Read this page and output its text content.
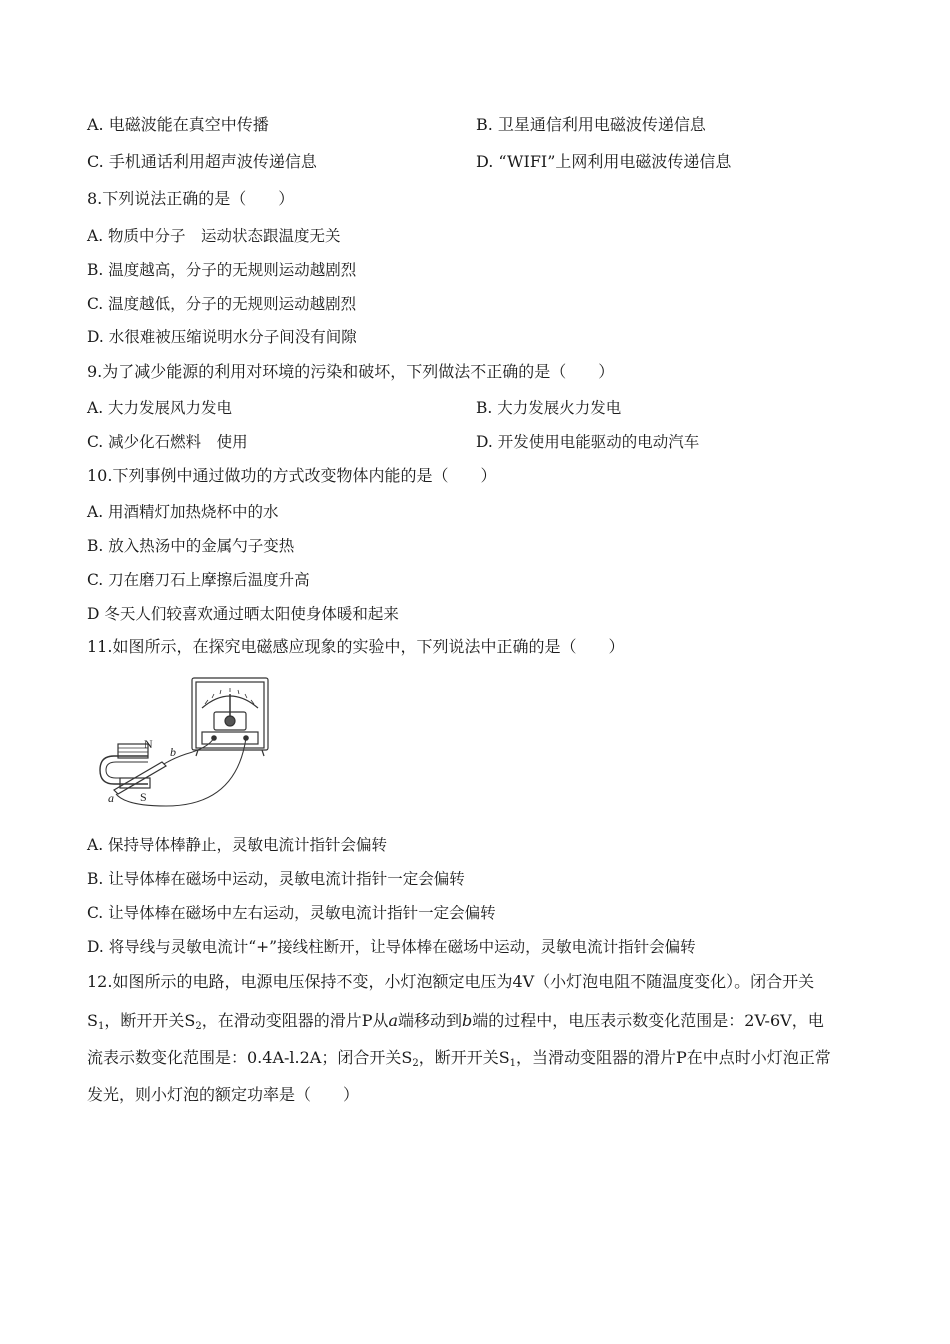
A. 电磁波能在真空中传播	B. 卫星通信利用电磁波传递信息
C. 手机通话利用超声波传递信息	D. “WIFI”上网利用电磁波传递信息
8.下列说法正确的是（　　）
A. 物质中分子　运动状态跟温度无关
B. 温度越高，分子的无规则运动越剧烈
C. 温度越低，分子的无规则运动越剧烈
D. 水很难被压缩说明水分子间没有间隙
9.为了减少能源的利用对环境的污染和破坏，下列做法不正确的是（　　）
A. 大力发展风力发电	B. 大力发展火力发电
C. 减少化石燃料　使用	D. 开发使用电能驱动的电动汽车
10.下列事例中通过做功的方式改变物体内能的是（　　）
A. 用酒精灯加热烧杯中的水
B. 放入热汤中的金属勺子变热
C. 刀在磨刀石上摩擦后温度升高
D 冬天人们较喜欢通过晒太阳使身体暖和起来
11.如图所示，在探究电磁感应现象的实验中，下列说法中正确的是（　　）
N
S
a
b
A. 保持导体棒静止，灵敏电流计指针会偏转
B. 让导体棒在磁场中运动，灵敏电流计指针一定会偏转
C. 让导体棒在磁场中左右运动，灵敏电流计指针一定会偏转
D. 将导线与灵敏电流计“+”接线柱断开，让导体棒在磁场中运动，灵敏电流计指针会偏转
12.如图所示的电路，电源电压保持不变，小灯泡额定电压为4V（小灯泡电阻不随温度变化）。闭合开关
$S_1$，断开开关$S_2$，在滑动变阻器的滑片P从a端移动到b端的过程中，电压表示数变化范围是：2V-6V，电
流表示数变化范围是：0.4A-l.2A；闭合开关$S_2$，断开开关$S_1$，当滑动变阻器的滑片P在中点时小灯泡正常
发光，则小灯泡的额定功率是（　　）
